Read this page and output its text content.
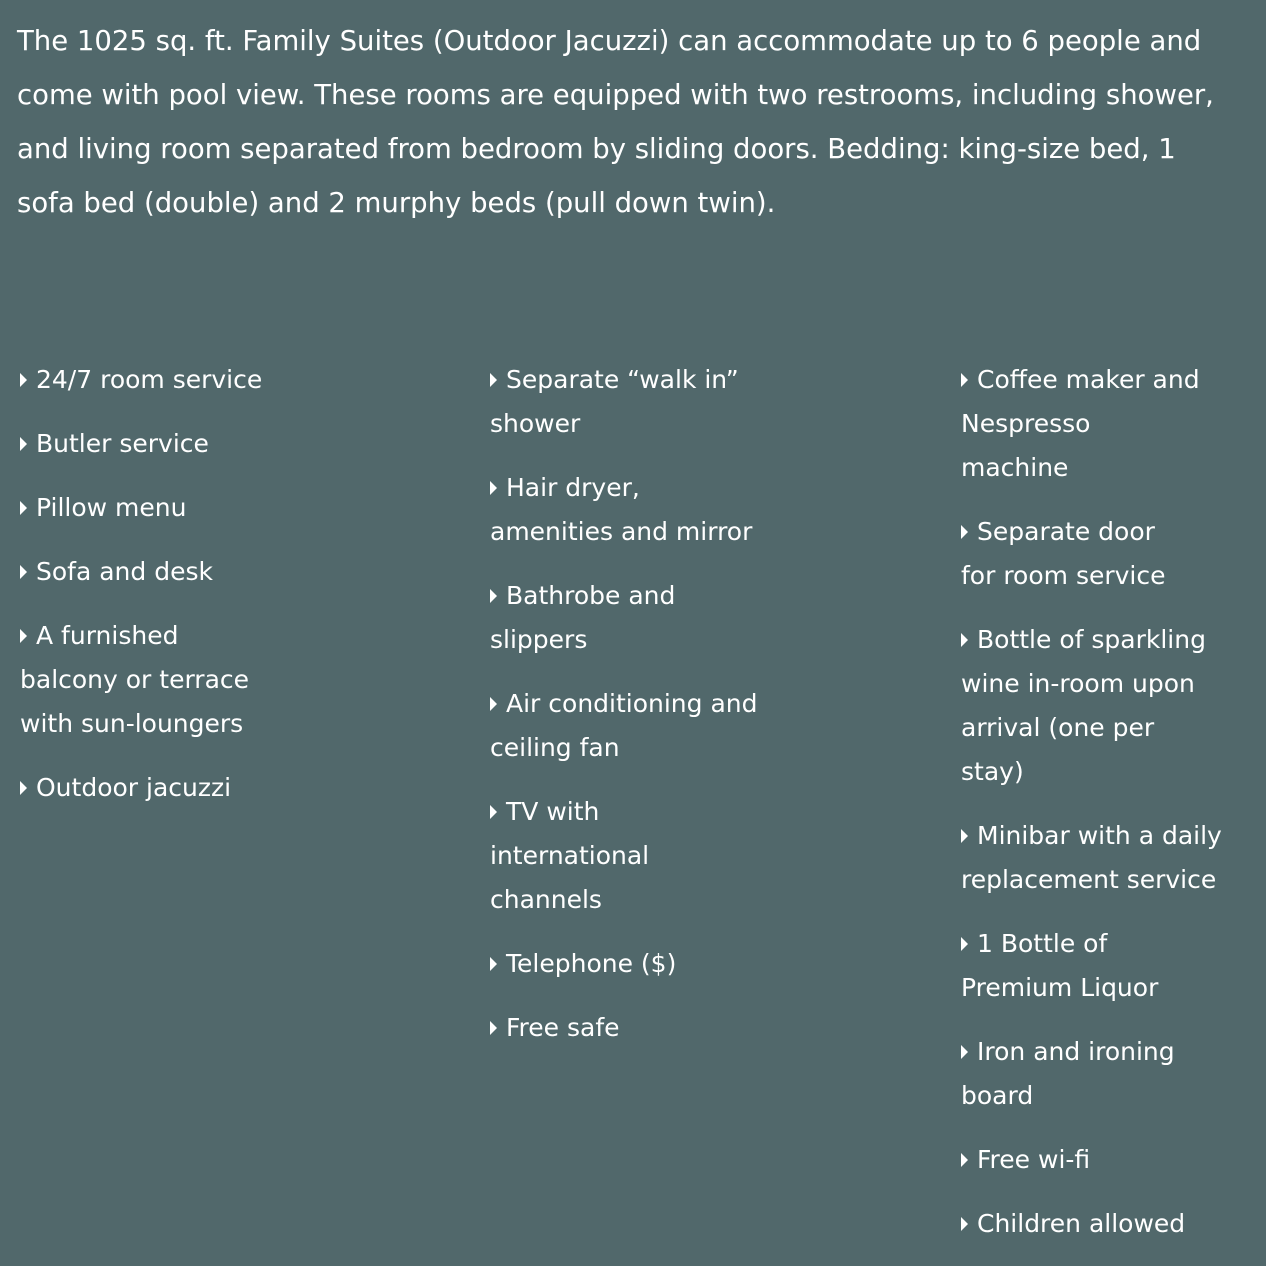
The 1025 sq. ft. Family Suites (Outdoor Jacuzzi) can accommodate up to 6 people and come with pool view. These rooms are equipped with two restrooms, including shower, and living room separated from bedroom by sliding doors. Bedding: king-size bed, 1 sofa bed (double) and 2 murphy beds (pull down twin).

24/7 room service
Butler service
Pillow menu
Sofa and desk
A furnished balcony or terrace with sun-loungers
Outdoor jacuzzi
Separate “walk in” shower
Hair dryer, amenities and mirror
Bathrobe and slippers
Air conditioning and ceiling fan
TV with international channels
Telephone ($)
Free safe
Coffee maker and Nespresso machine
Separate door for room service
Bottle of sparkling wine in-room upon arrival (one per stay)
Minibar with a daily replacement service
1 Bottle of Premium Liquor
Iron and ironing board
Free wi-fi
Children allowed
